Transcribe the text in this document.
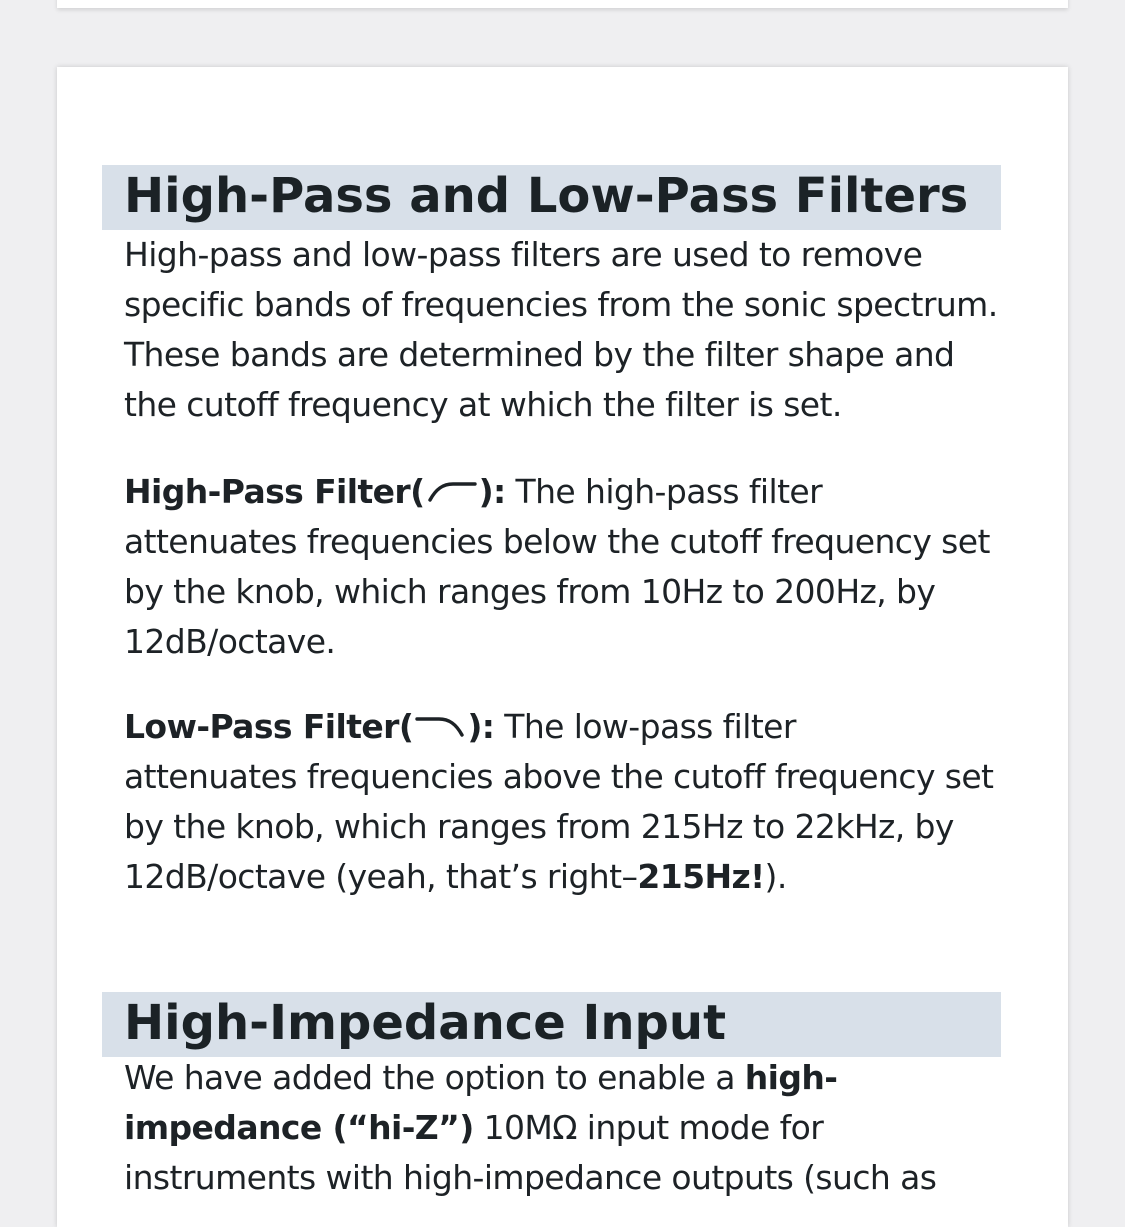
High-Pass and Low-Pass Filters

High-pass and low-pass filters are used to remove
specific bands of frequencies from the sonic spectrum.
These bands are determined by the filter shape and
the cutoff frequency at which the filter is set.

High-Pass Filter( ): The high-pass filter
attenuates frequencies below the cutoff frequency set
by the knob, which ranges from 10Hz to 200Hz, by
12dB/octave.

Low-Pass Filter( ): The low-pass filter
attenuates frequencies above the cutoff frequency set
by the knob, which ranges from 215Hz to 22kHz, by
12dB/octave (yeah, that’s right–215Hz!).

High-Impedance Input

We have added the option to enable a high-
impedance (“hi-Z”) 10MΩ input mode for
instruments with high-impedance outputs (such as
